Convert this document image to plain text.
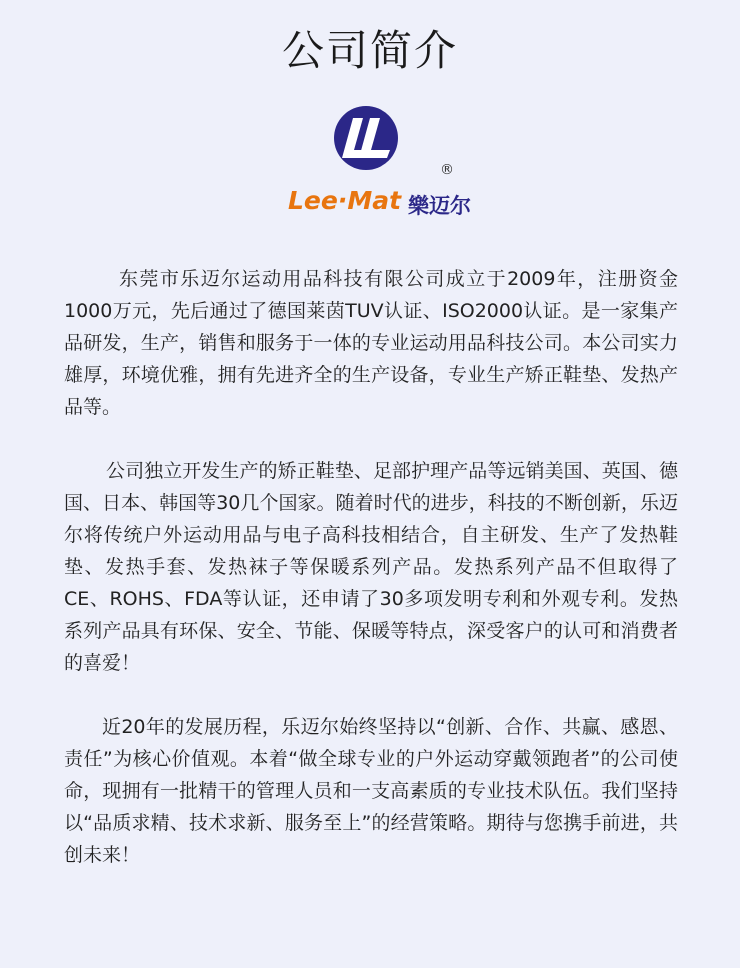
公司简介
®
Lee·Mat 樂迈尔

东莞市乐迈尔运动用品科技有限公司成立于2009年，注册资金1000万元，先后通过了德国莱茵TUV认证、ISO2000认证。是一家集产品研发，生产，销售和服务于一体的专业运动用品科技公司。本公司实力雄厚，环境优雅，拥有先进齐全的生产设备，专业生产矫正鞋垫、发热产品等。

公司独立开发生产的矫正鞋垫、足部护理产品等远销美国、英国、德国、日本、韩国等30几个国家。随着时代的进步，科技的不断创新，乐迈尔将传统户外运动用品与电子高科技相结合，自主研发、生产了发热鞋垫、发热手套、发热袜子等保暖系列产品。发热系列产品不但取得了CE、ROHS、FDA等认证，还申请了30多项发明专利和外观专利。发热系列产品具有环保、安全、节能、保暖等特点，深受客户的认可和消费者的喜爱！

近20年的发展历程，乐迈尔始终坚持以“创新、合作、共赢、感恩、责任”为核心价值观。本着“做全球专业的户外运动穿戴领跑者”的公司使命，现拥有一批精干的管理人员和一支高素质的专业技术队伍。我们坚持以“品质求精、技术求新、服务至上”的经营策略。期待与您携手前进，共创未来！
